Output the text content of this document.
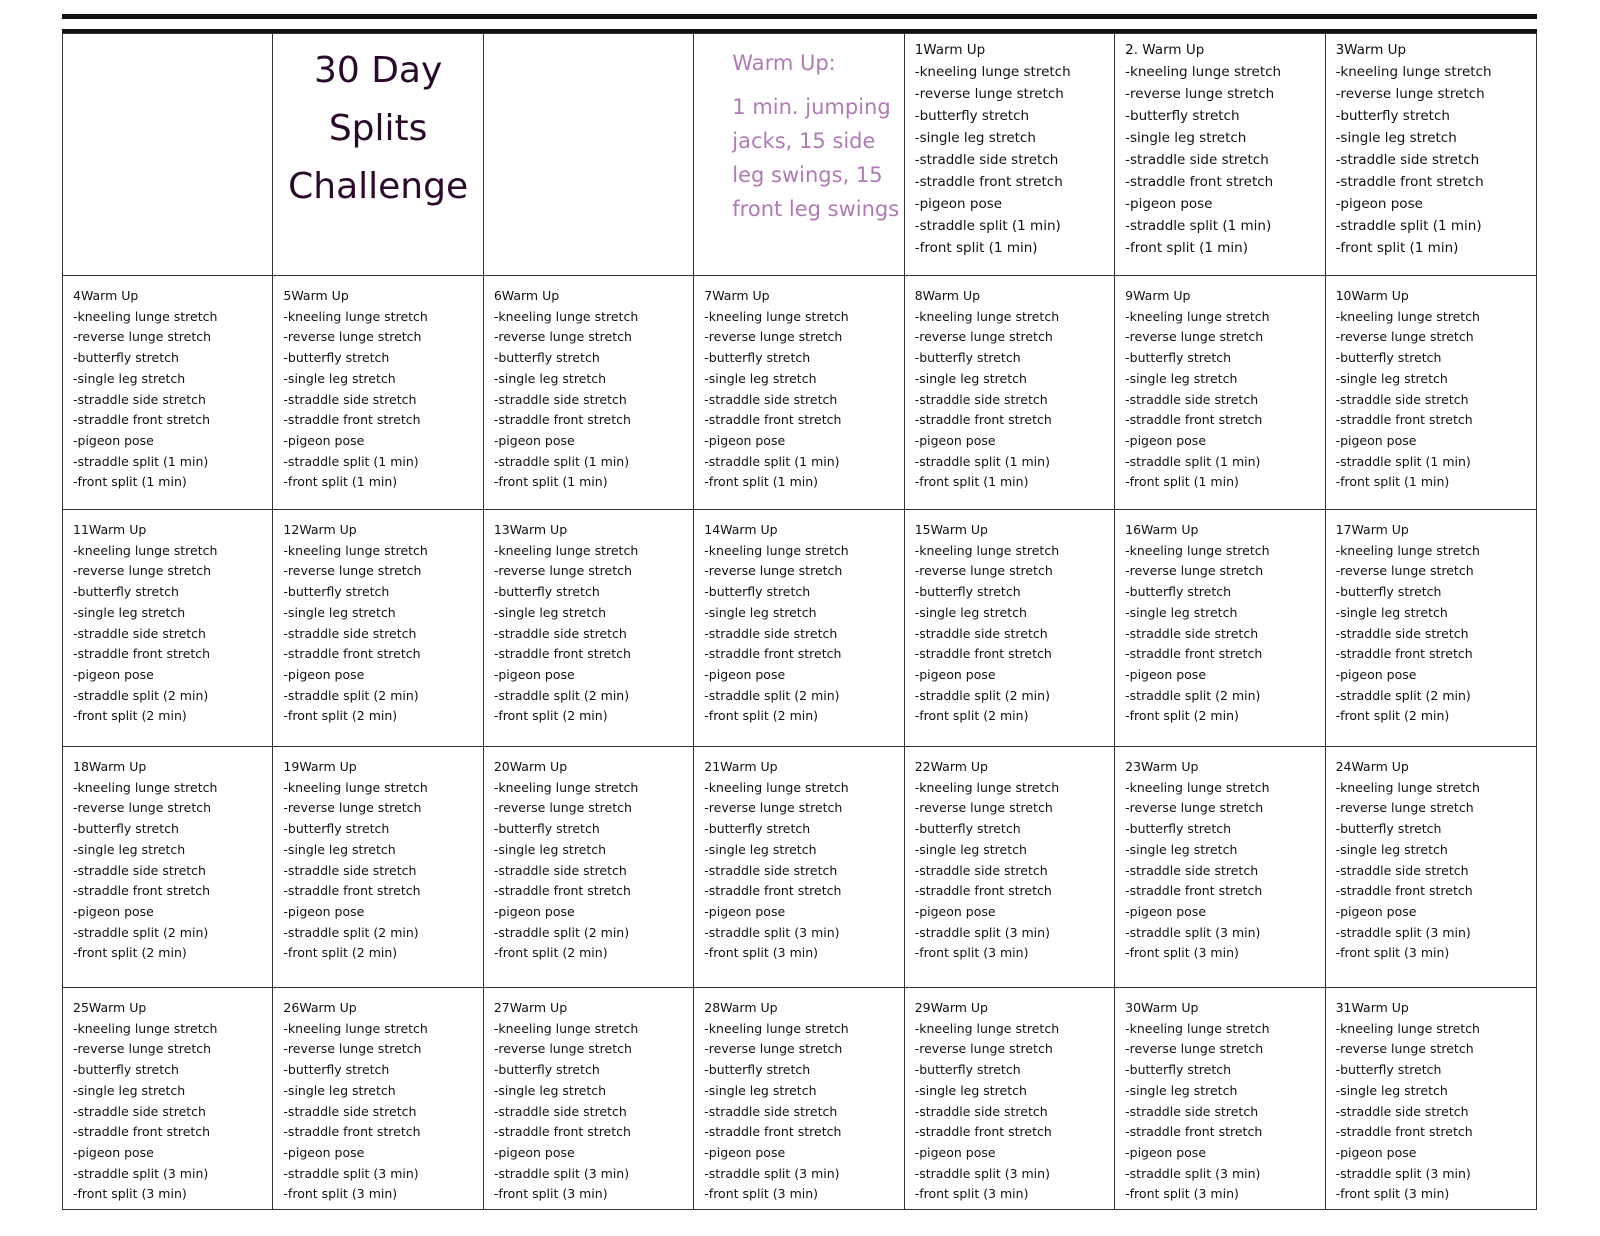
30 Day Splits Challenge
Warm Up:
1 min. jumping jacks, 15 side leg swings, 15 front leg swings
1Warm Up
-kneeling lunge stretch
-reverse lunge stretch
-butterfly stretch
-single leg stretch
-straddle side stretch
-straddle front stretch
-pigeon pose
-straddle split (1 min)
-front split (1 min)
2. Warm Up
-kneeling lunge stretch
-reverse lunge stretch
-butterfly stretch
-single leg stretch
-straddle side stretch
-straddle front stretch
-pigeon pose
-straddle split (1 min)
-front split (1 min)
3Warm Up
-kneeling lunge stretch
-reverse lunge stretch
-butterfly stretch
-single leg stretch
-straddle side stretch
-straddle front stretch
-pigeon pose
-straddle split (1 min)
-front split (1 min)
4Warm Up
-kneeling lunge stretch
-reverse lunge stretch
-butterfly stretch
-single leg stretch
-straddle side stretch
-straddle front stretch
-pigeon pose
-straddle split (1 min)
-front split (1 min)
5Warm Up
-kneeling lunge stretch
-reverse lunge stretch
-butterfly stretch
-single leg stretch
-straddle side stretch
-straddle front stretch
-pigeon pose
-straddle split (1 min)
-front split (1 min)
6Warm Up
-kneeling lunge stretch
-reverse lunge stretch
-butterfly stretch
-single leg stretch
-straddle side stretch
-straddle front stretch
-pigeon pose
-straddle split (1 min)
-front split (1 min)
7Warm Up
-kneeling lunge stretch
-reverse lunge stretch
-butterfly stretch
-single leg stretch
-straddle side stretch
-straddle front stretch
-pigeon pose
-straddle split (1 min)
-front split (1 min)
8Warm Up
-kneeling lunge stretch
-reverse lunge stretch
-butterfly stretch
-single leg stretch
-straddle side stretch
-straddle front stretch
-pigeon pose
-straddle split (1 min)
-front split (1 min)
9Warm Up
-kneeling lunge stretch
-reverse lunge stretch
-butterfly stretch
-single leg stretch
-straddle side stretch
-straddle front stretch
-pigeon pose
-straddle split (1 min)
-front split (1 min)
10Warm Up
-kneeling lunge stretch
-reverse lunge stretch
-butterfly stretch
-single leg stretch
-straddle side stretch
-straddle front stretch
-pigeon pose
-straddle split (1 min)
-front split (1 min)
11Warm Up
-kneeling lunge stretch
-reverse lunge stretch
-butterfly stretch
-single leg stretch
-straddle side stretch
-straddle front stretch
-pigeon pose
-straddle split (2 min)
-front split (2 min)
12Warm Up
-kneeling lunge stretch
-reverse lunge stretch
-butterfly stretch
-single leg stretch
-straddle side stretch
-straddle front stretch
-pigeon pose
-straddle split (2 min)
-front split (2 min)
13Warm Up
-kneeling lunge stretch
-reverse lunge stretch
-butterfly stretch
-single leg stretch
-straddle side stretch
-straddle front stretch
-pigeon pose
-straddle split (2 min)
-front split (2 min)
14Warm Up
-kneeling lunge stretch
-reverse lunge stretch
-butterfly stretch
-single leg stretch
-straddle side stretch
-straddle front stretch
-pigeon pose
-straddle split (2 min)
-front split (2 min)
15Warm Up
-kneeling lunge stretch
-reverse lunge stretch
-butterfly stretch
-single leg stretch
-straddle side stretch
-straddle front stretch
-pigeon pose
-straddle split (2 min)
-front split (2 min)
16Warm Up
-kneeling lunge stretch
-reverse lunge stretch
-butterfly stretch
-single leg stretch
-straddle side stretch
-straddle front stretch
-pigeon pose
-straddle split (2 min)
-front split (2 min)
17Warm Up
-kneeling lunge stretch
-reverse lunge stretch
-butterfly stretch
-single leg stretch
-straddle side stretch
-straddle front stretch
-pigeon pose
-straddle split (2 min)
-front split (2 min)
18Warm Up
-kneeling lunge stretch
-reverse lunge stretch
-butterfly stretch
-single leg stretch
-straddle side stretch
-straddle front stretch
-pigeon pose
-straddle split (2 min)
-front split (2 min)
19Warm Up
-kneeling lunge stretch
-reverse lunge stretch
-butterfly stretch
-single leg stretch
-straddle side stretch
-straddle front stretch
-pigeon pose
-straddle split (2 min)
-front split (2 min)
20Warm Up
-kneeling lunge stretch
-reverse lunge stretch
-butterfly stretch
-single leg stretch
-straddle side stretch
-straddle front stretch
-pigeon pose
-straddle split (2 min)
-front split (2 min)
21Warm Up
-kneeling lunge stretch
-reverse lunge stretch
-butterfly stretch
-single leg stretch
-straddle side stretch
-straddle front stretch
-pigeon pose
-straddle split (3 min)
-front split (3 min)
22Warm Up
-kneeling lunge stretch
-reverse lunge stretch
-butterfly stretch
-single leg stretch
-straddle side stretch
-straddle front stretch
-pigeon pose
-straddle split (3 min)
-front split (3 min)
23Warm Up
-kneeling lunge stretch
-reverse lunge stretch
-butterfly stretch
-single leg stretch
-straddle side stretch
-straddle front stretch
-pigeon pose
-straddle split (3 min)
-front split (3 min)
24Warm Up
-kneeling lunge stretch
-reverse lunge stretch
-butterfly stretch
-single leg stretch
-straddle side stretch
-straddle front stretch
-pigeon pose
-straddle split (3 min)
-front split (3 min)
25Warm Up
-kneeling lunge stretch
-reverse lunge stretch
-butterfly stretch
-single leg stretch
-straddle side stretch
-straddle front stretch
-pigeon pose
-straddle split (3 min)
-front split (3 min)
26Warm Up
-kneeling lunge stretch
-reverse lunge stretch
-butterfly stretch
-single leg stretch
-straddle side stretch
-straddle front stretch
-pigeon pose
-straddle split (3 min)
-front split (3 min)
27Warm Up
-kneeling lunge stretch
-reverse lunge stretch
-butterfly stretch
-single leg stretch
-straddle side stretch
-straddle front stretch
-pigeon pose
-straddle split (3 min)
-front split (3 min)
28Warm Up
-kneeling lunge stretch
-reverse lunge stretch
-butterfly stretch
-single leg stretch
-straddle side stretch
-straddle front stretch
-pigeon pose
-straddle split (3 min)
-front split (3 min)
29Warm Up
-kneeling lunge stretch
-reverse lunge stretch
-butterfly stretch
-single leg stretch
-straddle side stretch
-straddle front stretch
-pigeon pose
-straddle split (3 min)
-front split (3 min)
30Warm Up
-kneeling lunge stretch
-reverse lunge stretch
-butterfly stretch
-single leg stretch
-straddle side stretch
-straddle front stretch
-pigeon pose
-straddle split (3 min)
-front split (3 min)
31Warm Up
-kneeling lunge stretch
-reverse lunge stretch
-butterfly stretch
-single leg stretch
-straddle side stretch
-straddle front stretch
-pigeon pose
-straddle split (3 min)
-front split (3 min)
